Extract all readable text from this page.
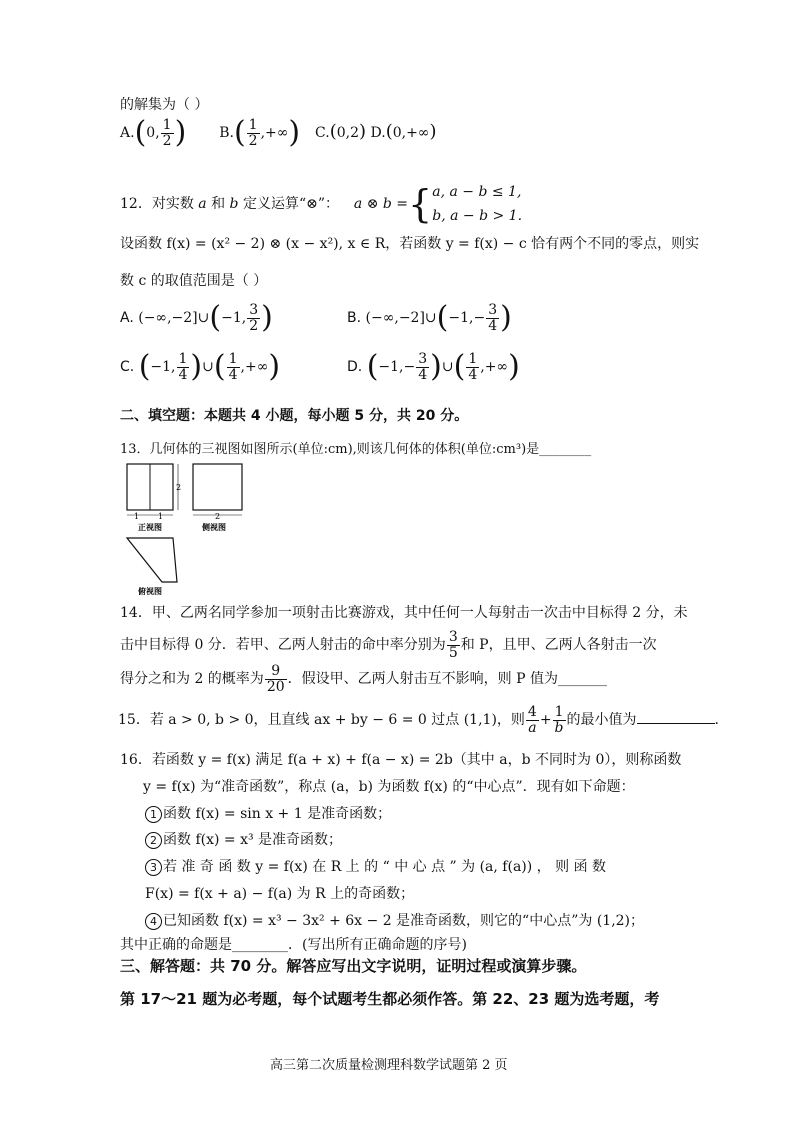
的解集为（ ）
A.(0, $\frac{1}{2}$ ) $B.( \frac{1}{2}$ ,+∞) C.(0,2) D.(0,+∞)
12．对实数 a 和 b 定义运算“⊗”： a ⊗ b ={ a, a − b ≤ 1,
b, a − b > 1.
设函数 f(x) = (x² − 2) ⊗ (x − x²), x ∈ R，若函数 y = f(x) − c 恰有两个不同的零点，则实
数 c 的取值范围是（ ）
A. (−∞,−2]∪(−1, $\frac{3}{2}$ )	B. (−∞,−2]∪(−1,− $\frac{3}{4}$ )
C. (−1, $\frac{1}{4}$ )∪( $\frac{1}{4}$ ,+∞)	D. ($-1,- \frac{3}{4}$ )∪( $\frac{1}{4}$ ,+∞)
二、填空题：本题共 4 小题，每小题 5 分，共 20 分。
13．几何体的三视图如图所示(单位:cm),则该几何体的体积(单位:cm³)是________
1 1
2
正视图
2
侧视图
俯视图
14．甲、乙两名同学参加一项射击比赛游戏，其中任何一人每射击一次击中目标得 2 分，未
击中目标得 0 分．若甲、乙两人射击的命中率分别为 $\frac{3}{5}$ 和 P，且甲、乙两人各射击一次
得分之和为 2 的概率为 $\frac{9}{20}$ ．假设甲、乙两人射击互不影响，则 P 值为_______
15．若 a > 0, b > 0，且直线 ax + by − 6 = 0 过点 (1,1)，则 $\frac{4}{a}+ \frac{1}{b}$的最小值为	.
16．若函数 y = f(x) 满足 f(a + x) + f(a − x) = 2b（其中 a，b 不同时为 0），则称函数
y = f(x) 为“准奇函数”，称点 (a，b) 为函数 f(x) 的“中心点”．现有如下命题：
1 函数 f(x) = sin x + 1 是准奇函数；
2 函数 f(x) = x³ 是准奇函数；
3 若 准 奇 函 数 y = f(x) 在 R 上 的 “ 中 心 点 ” 为 (a, f(a)) ， 则 函 数
F(x) = f(x + a) − f(a) 为 R 上的奇函数；
4 已知函数 f(x) = x³ − 3x² + 6x − 2 是准奇函数，则它的“中心点”为 (1,2)；
其中正确的命题是________．(写出所有正确命题的序号)
三、解答题：共 70 分。解答应写出文字说明，证明过程或演算步骤。
第 17～21 题为必考题，每个试题考生都必须作答。第 22、23 题为选考题，考
高三第二次质量检测理科数学试题第 2 页
